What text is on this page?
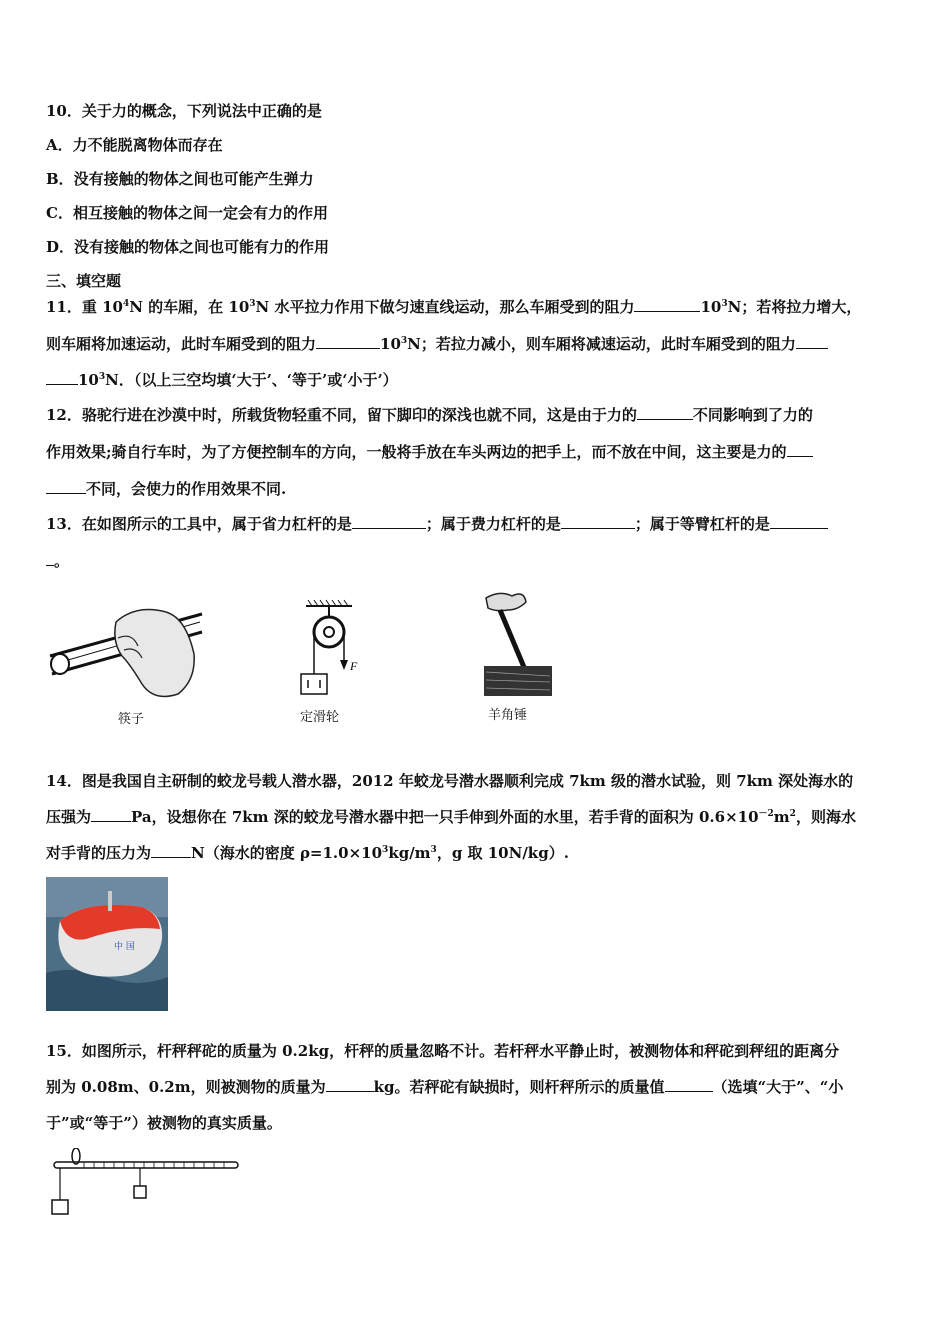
10．关于力的概念，下列说法中正确的是
A．力不能脱离物体而存在
B．没有接触的物体之间也可能产生弹力
C．相互接触的物体之间一定会有力的作用
D．没有接触的物体之间也可能有力的作用
三、填空题
11．重 $10^4N$ 的车厢，在 $10^3N$ 水平拉力作用下做匀速直线运动，那么车厢受到的阻力	$10^3N$；若将拉力增大，
则车厢将加速运动，此时车厢受到的阻力	$10^3N$；若拉力减小，则车厢将减速运动，此时车厢受到的阻力
$10^3N$．（以上三空均填‘大于’、‘等于’或‘小于’）
12．骆驼行进在沙漠中时，所载货物轻重不同，留下脚印的深浅也就不同，这是由于力的	不同影响到了力的
作用效果;骑自行车时，为了方便控制车的方向，一般将手放在车头两边的把手上，而不放在中间，这主要是力的
不同，会使力的作用效果不同.
13．在如图所示的工具中，属于省力杠杆的是	；属于费力杠杆的是	；属于等臂杠杆的是
。
筷子
F
定滑轮	羊角锤
14．图是我国自主研制的蛟龙号载人潜水器，2012 年蛟龙号潜水器顺利完成 7km 级的潜水试验，则 7km 深处海水的
压强为	Pa，设想你在 7km 深的蛟龙号潜水器中把一只手伸到外面的水里，若手背的面积为 $0.6\times 10^{-2}m^2$，则海水
对手背的压力为	N（海水的密度 $\rho=1.0\times 10^3kg/m^3$，g 取 10N/kg）.
中 国
15．如图所示，杆秤秤砣的质量为 0.2kg，杆秤的质量忽略不计。若杆秤水平静止时，被测物体和秤砣到秤纽的距离分
别为 0.08m、0.2m，则被测物的质量为	kg。若秤砣有缺损时，则杆秤所示的质量值	（选填“大于”、“小
于”或“等于”）被测物的真实质量。
